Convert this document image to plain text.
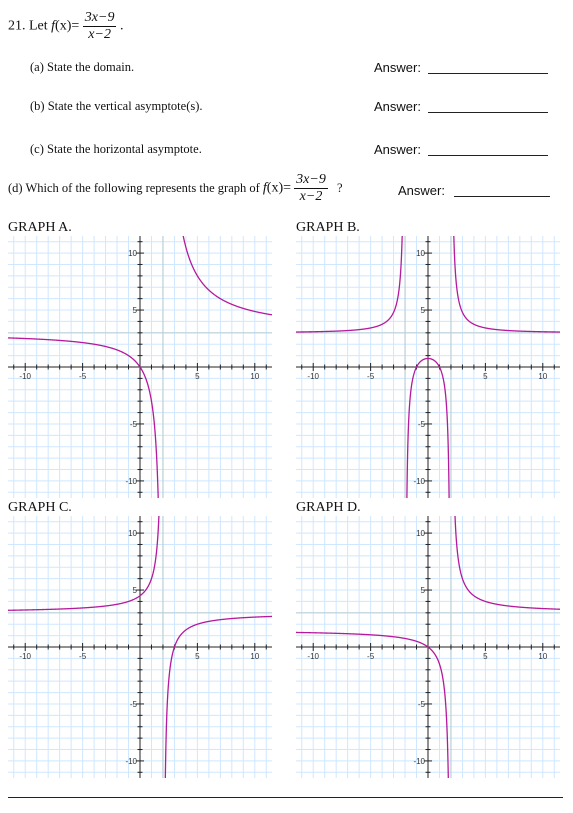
21. Let $f(x)= \frac{3x-9}{x-2}$ .
(a) State the domain.	Answer:
(b) State the vertical asymptote(s).	Answer:
(c) State the horizontal asymptote.	Answer:
(d) Which of the following represents the graph of $f(x)= \frac{3x-9}{x-2}$ ?	Answer:
GRAPH A.	GRAPH B.
GRAPH C.	GRAPH D.
-10	-5	5	10
10
5
-5
-10
-10	-5	5	10
10
5
-5
-10
-10	-5	5	10
10
5
-5
-10
-10	-5	5	10
10
5
-5
-10
